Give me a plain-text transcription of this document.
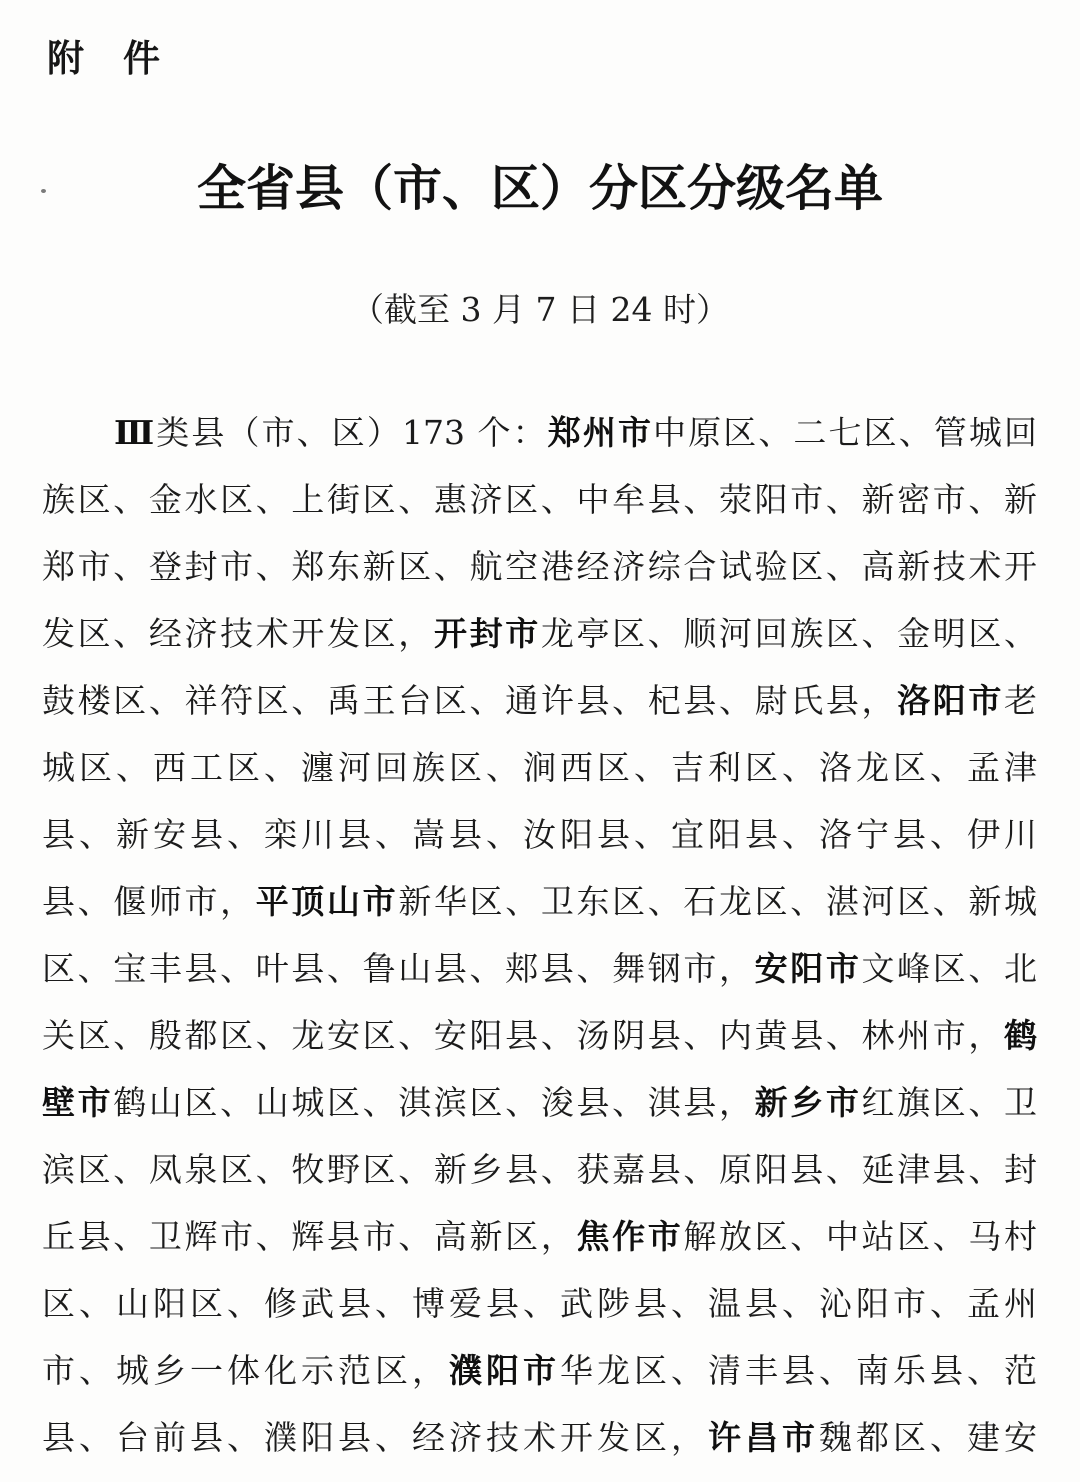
附　件
全省县（市、区）分区分级名单
（截至 3 月 7 日 24 时）
Ⅲ类县（市、区）173 个：郑州市中原区、二七区、管城回
族区、金水区、上街区、惠济区、中牟县、荥阳市、新密市、新
郑市、登封市、郑东新区、航空港经济综合试验区、高新技术开
发区、经济技术开发区，开封市龙亭区、顺河回族区、金明区、
鼓楼区、祥符区、禹王台区、通许县、杞县、尉氏县，洛阳市老
城区、西工区、瀍河回族区、涧西区、吉利区、洛龙区、孟津
县、新安县、栾川县、嵩县、汝阳县、宜阳县、洛宁县、伊川
县、偃师市，平顶山市新华区、卫东区、石龙区、湛河区、新城
区、宝丰县、叶县、鲁山县、郏县、舞钢市，安阳市文峰区、北
关区、殷都区、龙安区、安阳县、汤阴县、内黄县、林州市，鹤
壁市鹤山区、山城区、淇滨区、浚县、淇县，新乡市红旗区、卫
滨区、凤泉区、牧野区、新乡县、获嘉县、原阳县、延津县、封
丘县、卫辉市、辉县市、高新区，焦作市解放区、中站区、马村
区、山阳区、修武县、博爱县、武陟县、温县、沁阳市、孟州
市、城乡一体化示范区，濮阳市华龙区、清丰县、南乐县、范
县、台前县、濮阳县、经济技术开发区，许昌市魏都区、建安
